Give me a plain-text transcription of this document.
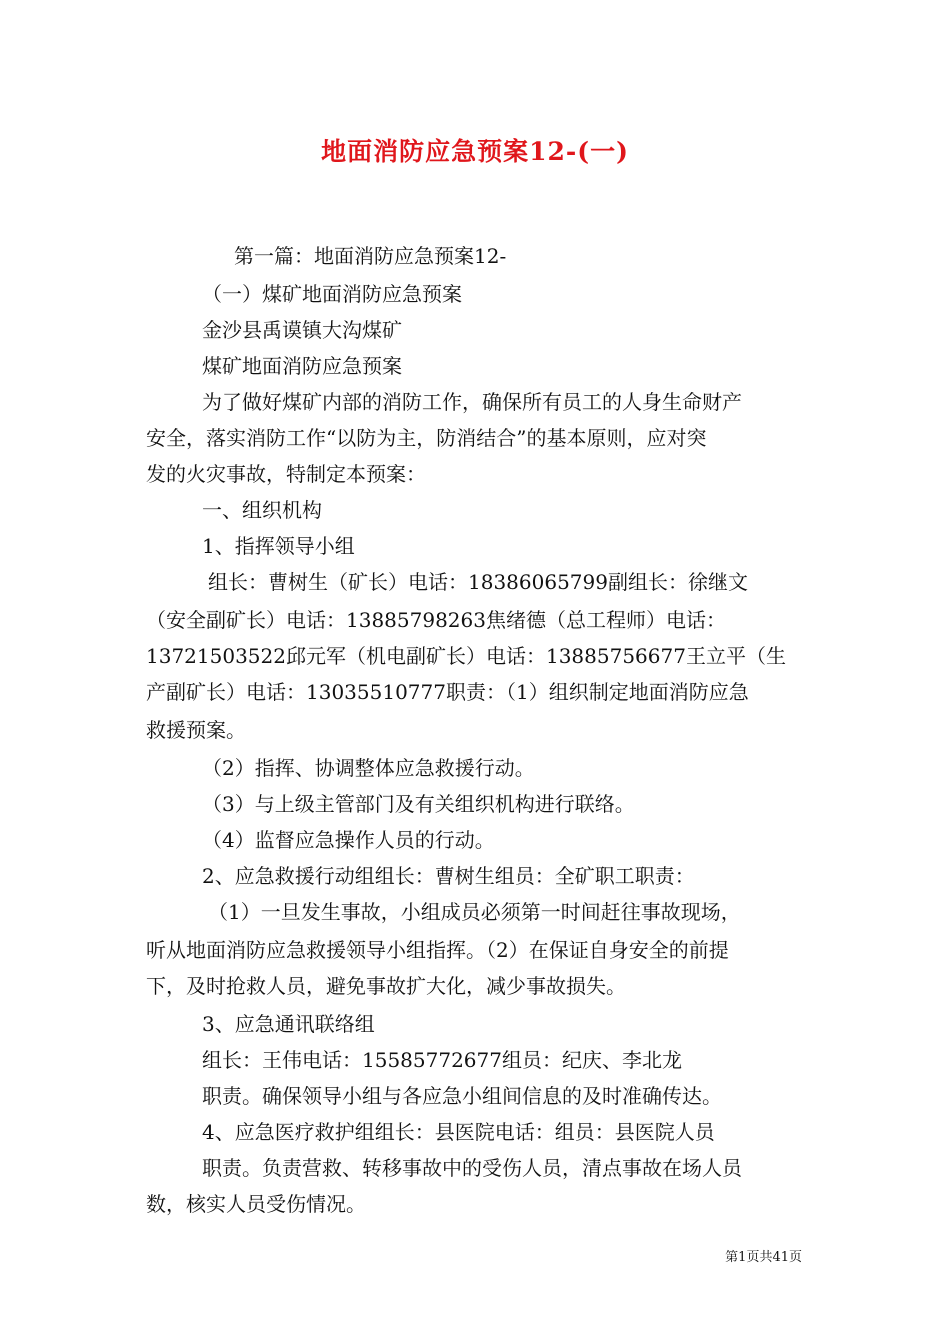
地面消防应急预案12-(一)
第一篇：地面消防应急预案12-
（一）煤矿地面消防应急预案
金沙县禹谟镇大沟煤矿
煤矿地面消防应急预案
为了做好煤矿内部的消防工作，确保所有员工的人身生命财产
安全，落实消防工作“以防为主，防消结合”的基本原则，应对突
发的火灾事故，特制定本预案：
一、组织机构
1、指挥领导小组
组长：曹树生（矿长）电话：18386065799副组长：徐继文
（安全副矿长）电话：13885798263焦绪德（总工程师）电话：
13721503522邱元军（机电副矿长）电话：13885756677王立平（生
产副矿长）电话：13035510777职责：（1）组织制定地面消防应急
救援预案。
（2）指挥、协调整体应急救援行动。
（3）与上级主管部门及有关组织机构进行联络。
（4）监督应急操作人员的行动。
2、应急救援行动组组长：曹树生组员：全矿职工职责：
（1）一旦发生事故，小组成员必须第一时间赶往事故现场，
听从地面消防应急救援领导小组指挥。（2）在保证自身安全的前提
下，及时抢救人员，避免事故扩大化，减少事故损失。
3、应急通讯联络组
组长：王伟电话：15585772677组员：纪庆、李北龙
职责。确保领导小组与各应急小组间信息的及时准确传达。
4、应急医疗救护组组长：县医院电话：组员：县医院人员
职责。负责营救、转移事故中的受伤人员，清点事故在场人员
数，核实人员受伤情况。
第1页共41页
